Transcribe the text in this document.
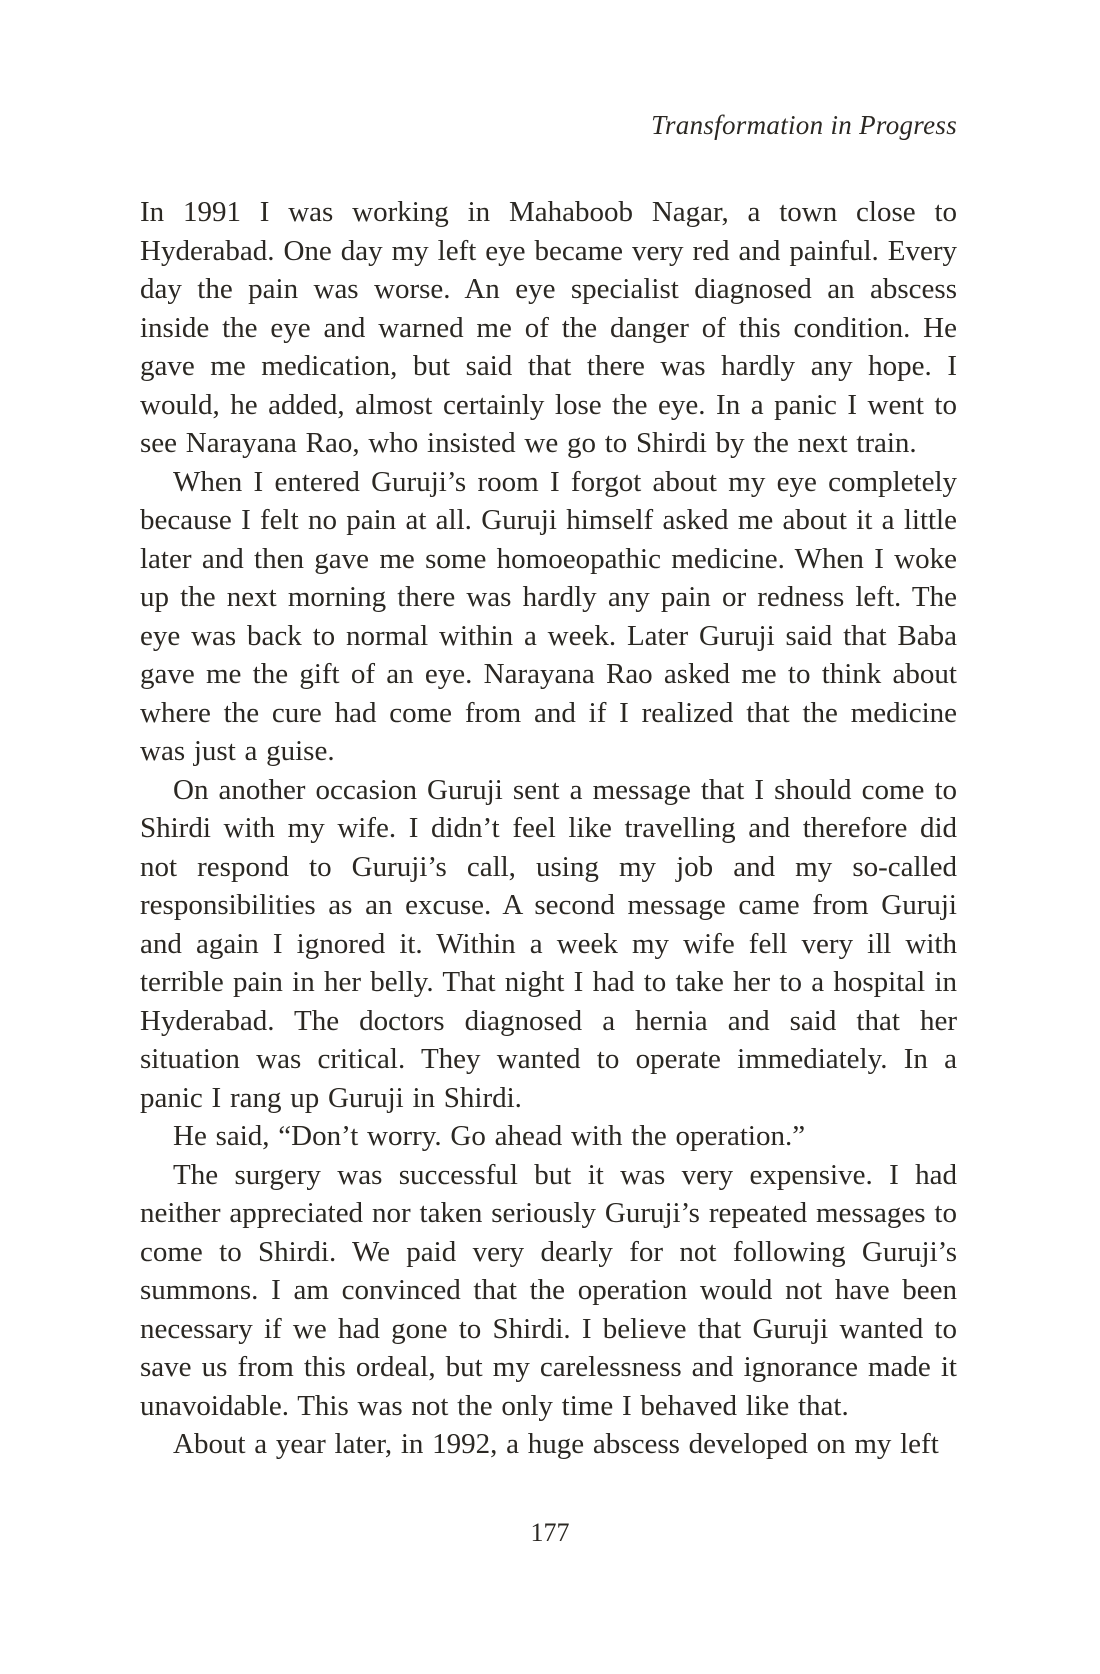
Transformation in Progress

In 1991 I was working in Mahaboob Nagar, a town close to Hyderabad. One day my left eye became very red and painful. Every day the pain was worse. An eye specialist diagnosed an abscess inside the eye and warned me of the danger of this condition. He gave me medication, but said that there was hardly any hope. I would, he added, almost certainly lose the eye. In a panic I went to see Narayana Rao, who insisted we go to Shirdi by the next train.

When I entered Guruji’s room I forgot about my eye completely because I felt no pain at all. Guruji himself asked me about it a little later and then gave me some homoeopathic medicine. When I woke up the next morning there was hardly any pain or redness left. The eye was back to normal within a week. Later Guruji said that Baba gave me the gift of an eye. Narayana Rao asked me to think about where the cure had come from and if I realized that the medicine was just a guise.

On another occasion Guruji sent a message that I should come to Shirdi with my wife. I didn’t feel like travelling and therefore did not respond to Guruji’s call, using my job and my so-called responsibilities as an excuse. A second message came from Guruji and again I ignored it. Within a week my wife fell very ill with terrible pain in her belly. That night I had to take her to a hospital in Hyderabad. The doctors diagnosed a hernia and said that her situation was critical. They wanted to operate immediately. In a panic I rang up Guruji in Shirdi.

He said, “Don’t worry. Go ahead with the operation.”

The surgery was successful but it was very expensive. I had neither appreciated nor taken seriously Guruji’s repeated messages to come to Shirdi. We paid very dearly for not following Guruji’s summons. I am convinced that the operation would not have been necessary if we had gone to Shirdi. I believe that Guruji wanted to save us from this ordeal, but my carelessness and ignorance made it unavoidable. This was not the only time I behaved like that.

About a year later, in 1992, a huge abscess developed on my left

177
